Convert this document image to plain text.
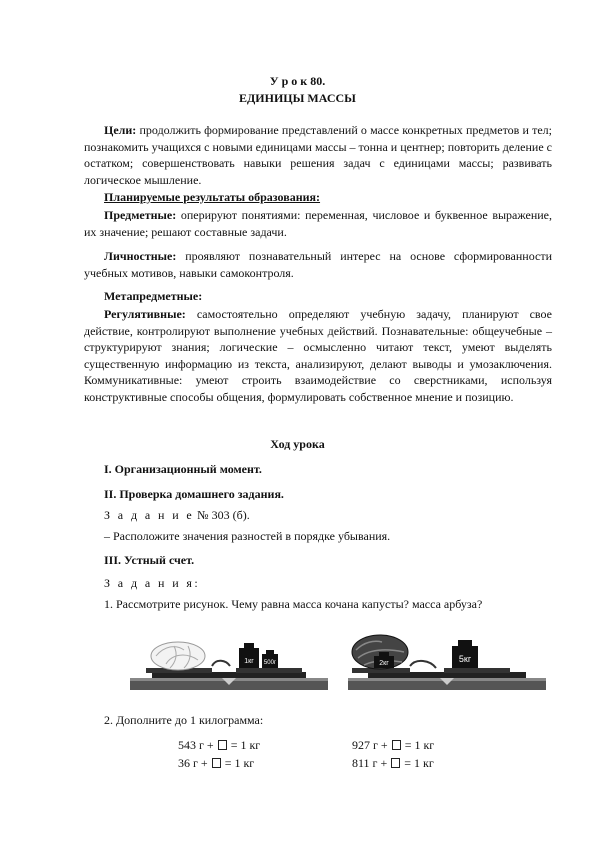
У р о к 80.
ЕДИНИЦЫ МАССЫ
Цели: продолжить формирование представлений о массе конкретных предметов и тел; познакомить учащихся с новыми единицами массы – тонна и центнер; повторить деление с остатком; совершенствовать навыки решения задач с единицами массы; развивать логическое мышление.
Планируемые результаты образования:
Предметные: оперируют понятиями: переменная, числовое и буквенное выражение, их значение; решают составные задачи.
Личностные: проявляют познавательный интерес на основе сформированности учебных мотивов, навыки самоконтроля.
Метапредметные:
Регулятивные: самостоятельно определяют учебную задачу, планируют свое действие, контролируют выполнение учебных действий. Познавательные: общеучебные – структурируют знания; логические – осмысленно читают текст, умеют выделять существенную информацию из текста, анализируют, делают выводы и умозаключения. Коммуникативные: умеют строить взаимодействие со сверстниками, используя конструктивные способы общения, формулировать собственное мнение и позицию.
Ход урока
I. Организационный момент.
II. Проверка домашнего задания.
З а д а н и е № 303 (б).
– Расположите значения разностей в порядке убывания.
III. Устный счет.
З а д а н и я:
1. Рассмотрите рисунок. Чему равна масса кочана капусты? масса арбуза?
1кг 500г	2кг	5кг
2. Дополните до 1 килограмма:
543 г +  = 1 кг	927 г +  = 1 кг
36 г +  = 1 кг	811 г +  = 1 кг
